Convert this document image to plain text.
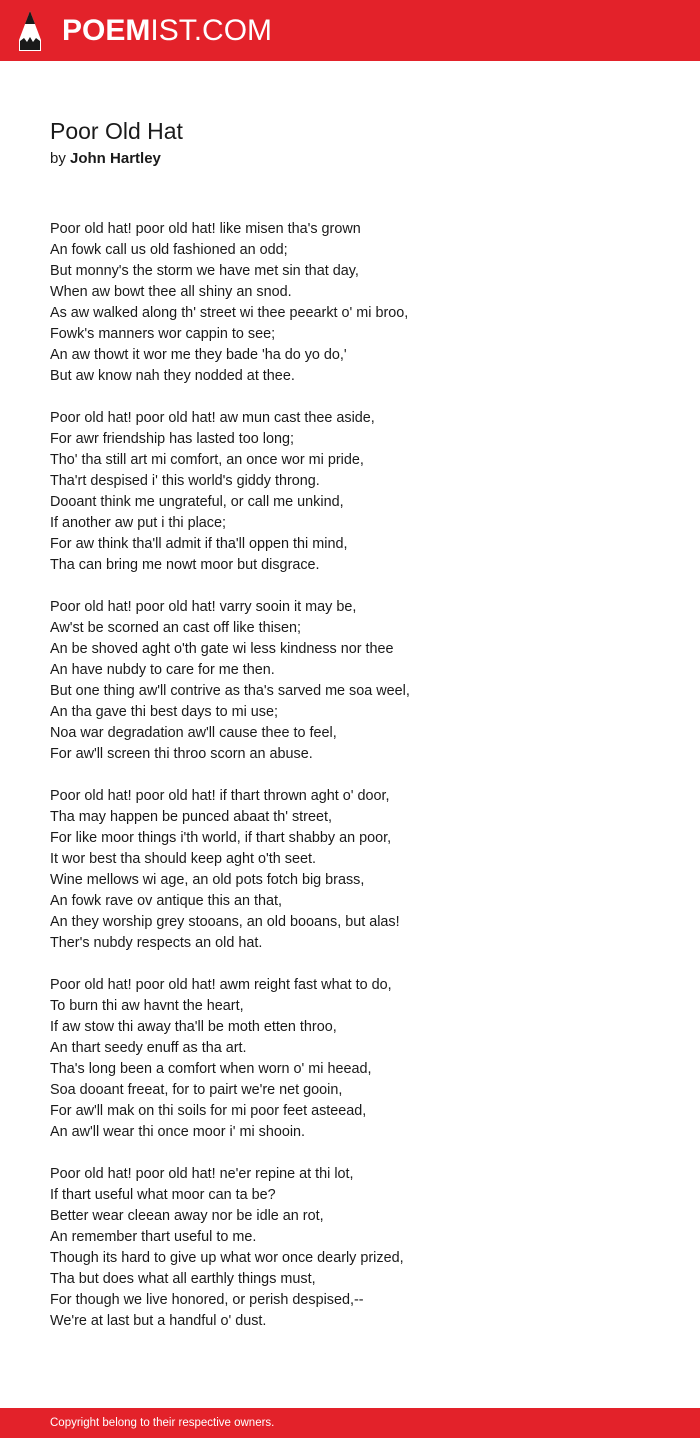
POEMIST.COM
Poor Old Hat
by John Hartley
Poor old hat! poor old hat! like misen tha's grown
An fowk call us old fashioned an odd;
But monny's the storm we have met sin that day,
When aw bowt thee all shiny an snod.
As aw walked along th' street wi thee peearkt o' mi broo,
Fowk's manners wor cappin to see;
An aw thowt it wor me they bade 'ha do yo do,'
But aw know nah they nodded at thee.
Poor old hat! poor old hat! aw mun cast thee aside,
For awr friendship has lasted too long;
Tho' tha still art mi comfort, an once wor mi pride,
Tha'rt despised i' this world's giddy throng.
Dooant think me ungrateful, or call me unkind,
If another aw put i thi place;
For aw think tha'll admit if tha'll oppen thi mind,
Tha can bring me nowt moor but disgrace.
Poor old hat! poor old hat! varry sooin it may be,
Aw'st be scorned an cast off like thisen;
An be shoved aght o'th gate wi less kindness nor thee
An have nubdy to care for me then.
But one thing aw'll contrive as tha's sarved me soa weel,
An tha gave thi best days to mi use;
Noa war degradation aw'll cause thee to feel,
For aw'll screen thi throo scorn an abuse.
Poor old hat! poor old hat! if thart thrown aght o' door,
Tha may happen be punced abaat th' street,
For like moor things i'th world, if thart shabby an poor,
It wor best tha should keep aght o'th seet.
Wine mellows wi age, an old pots fotch big brass,
An fowk rave ov antique this an that,
An they worship grey stooans, an old booans, but alas!
Ther's nubdy respects an old hat.
Poor old hat! poor old hat! awm reight fast what to do,
To burn thi aw havnt the heart,
If aw stow thi away tha'll be moth etten throo,
An thart seedy enuff as tha art.
Tha's long been a comfort when worn o' mi heead,
Soa dooant freeat, for to pairt we're net gooin,
For aw'll mak on thi soils for mi poor feet asteead,
An aw'll wear thi once moor i' mi shooin.
Poor old hat! poor old hat! ne'er repine at thi lot,
If thart useful what moor can ta be?
Better wear cleean away nor be idle an rot,
An remember thart useful to me.
Though its hard to give up what wor once dearly prized,
Tha but does what all earthly things must,
For though we live honored, or perish despised,--
We're at last but a handful o' dust.
Copyright belong to their respective owners.
